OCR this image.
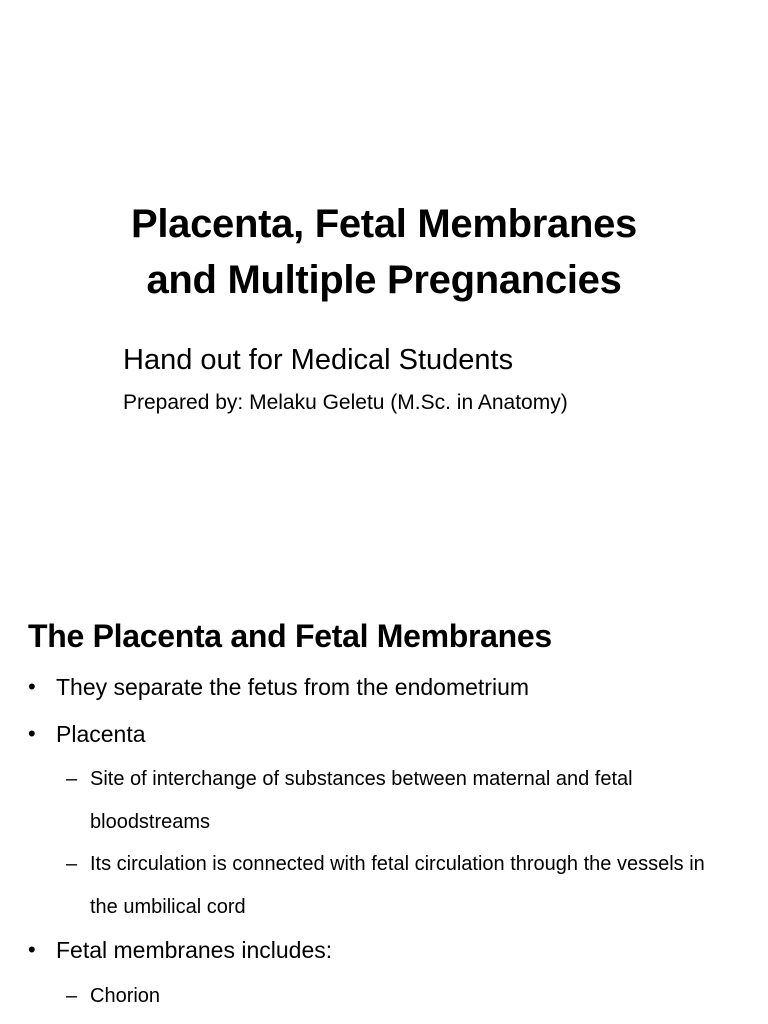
Placenta, Fetal Membranes
and Multiple Pregnancies
Hand out for Medical Students
Prepared by: Melaku Geletu (M.Sc. in Anatomy)
The Placenta and Fetal Membranes
• They separate the fetus from the endometrium
• Placenta
– Site of interchange of substances between maternal and fetal bloodstreams
– Its circulation is connected with fetal circulation through the vessels in the umbilical cord
• Fetal membranes includes:
– Chorion
